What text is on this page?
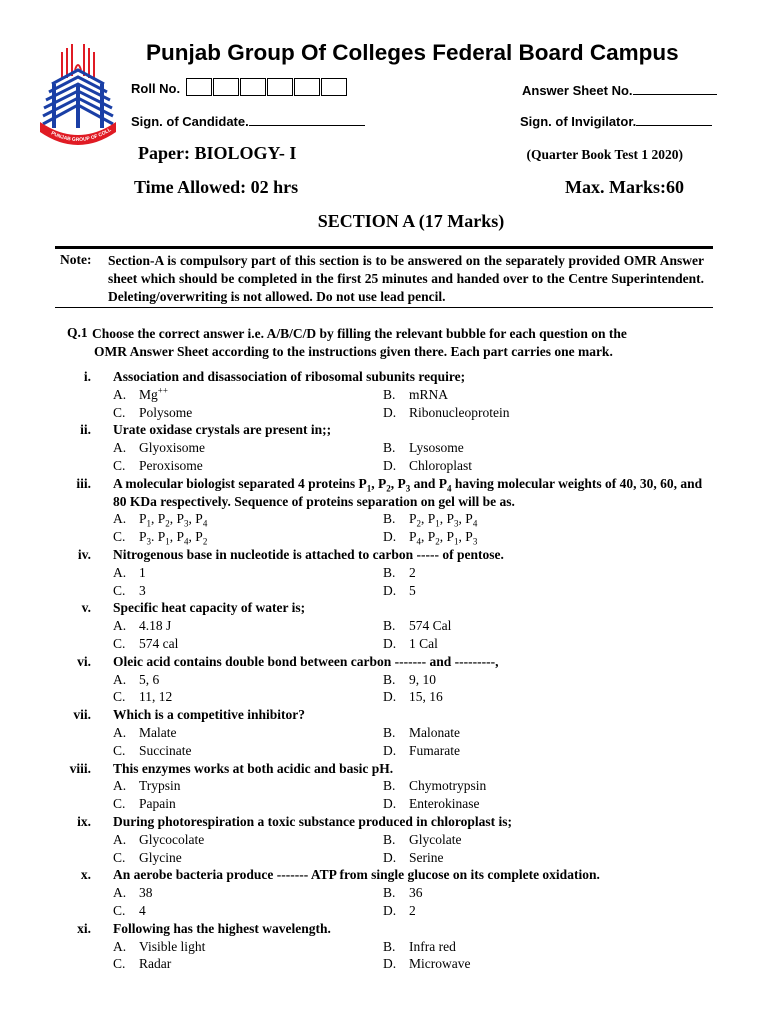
PUNJAB GROUP OF COLL
Punjab Group Of Colleges Federal Board Campus
Roll No.	Answer Sheet No.
Sign. of Candidate.	Sign. of Invigilator.
Paper: BIOLOGY- I	(Quarter Book Test 1 2020)
Time Allowed: 02 hrs	Max. Marks:60
SECTION A (17 Marks)
Note: Section-A is compulsory part of this section is to be answered on the separately provided OMR Answer sheet which should be completed in the first 25 minutes and handed over to the Centre Superintendent. Deleting/overwriting is not allowed. Do not use lead pencil.
Q.1 Choose the correct answer i.e. A/B/C/D by filling the relevant bubble for each question on the
OMR Answer Sheet according to the instructions given there. Each part carries one mark.
i. Association and disassociation of ribosomal subunits require;
A. Mg++	B. mRNA
C. Polysome	D. Ribonucleoprotein
ii. Urate oxidase crystals are present in;;
A. Glyoxisome	B. Lysosome
C. Peroxisome	D. Chloroplast
iii. A molecular biologist separated 4 proteins $P_1$, $P_2$, $P_3$ and $P_4$ having molecular weights of 40, 30, 60, and 80 KDa respectively. Sequence of proteins separation on gel will be as.
A. $P_1$, $P_2$, $P_3$, $P_4$	B. $P_2$, $P_1$, $P_3$, $P_4$
C. $P_3$. $P_1$, $P_4$, $P_2$	D. $P_4$, $P_2$, $P_1$, $P_3$
iv. Nitrogenous base in nucleotide is attached to carbon ----- of pentose.
A. 1	B. 2
C. 3	D. 5
v. Specific heat capacity of water is;
A. 4.18 J	B. 574 Cal
C. 574 cal	D. 1 Cal
vi. Oleic acid contains double bond between carbon ------- and ---------,
A. 5, 6	B. 9, 10
C. 11, 12	D. 15, 16
vii. Which is a competitive inhibitor?
A. Malate	B. Malonate
C. Succinate	D. Fumarate
viii. This enzymes works at both acidic and basic pH.
A. Trypsin	B. Chymotrypsin
C. Papain	D. Enterokinase
ix. During photorespiration a toxic substance produced in chloroplast is;
A. Glycocolate	B. Glycolate
C. Glycine	D. Serine
x. An aerobe bacteria produce ------- ATP from single glucose on its complete oxidation.
A. 38	B. 36
C. 4	D. 2
xi. Following has the highest wavelength.
A. Visible light	B. Infra red
C. Radar	D. Microwave
